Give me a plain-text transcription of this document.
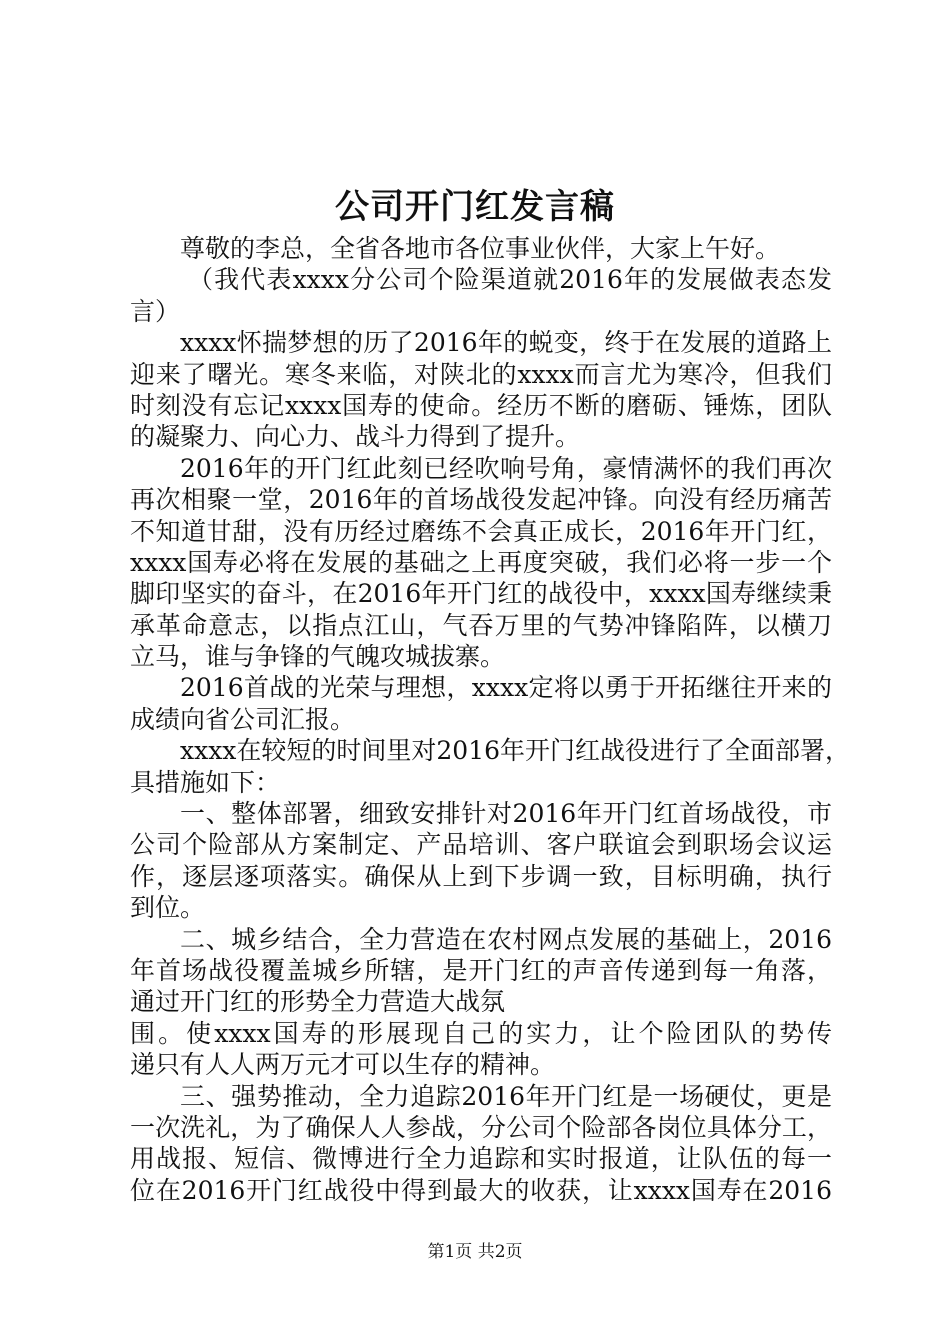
公司开门红发言稿
尊敬的李总，全省各地市各位事业伙伴，大家上午好。
（我代表xxxx分公司个险渠道就2016年的发展做表态发
言）
xxxx怀揣梦想的历了2016年的蜕变，终于在发展的道路上
迎来了曙光。寒冬来临，对陕北的xxxx而言尤为寒冷，但我们
时刻没有忘记xxxx国寿的使命。经历不断的磨砺、锤炼，团队
的凝聚力、向心力、战斗力得到了提升。
2016年的开门红此刻已经吹响号角，豪情满怀的我们再次
再次相聚一堂，2016年的首场战役发起冲锋。向没有经历痛苦
不知道甘甜，没有历经过磨练不会真正成长，2016年开门红，
xxxx国寿必将在发展的基础之上再度突破，我们必将一步一个
脚印坚实的奋斗，在2016年开门红的战役中，xxxx国寿继续秉
承革命意志，以指点江山，气吞万里的气势冲锋陷阵，以横刀
立马，谁与争锋的气魄攻城拔寨。
2016首战的光荣与理想，xxxx定将以勇于开拓继往开来的
成绩向省公司汇报。
xxxx在较短的时间里对2016年开门红战役进行了全面部署，
具措施如下：
一、整体部署，细致安排针对2016年开门红首场战役，市
公司个险部从方案制定、产品培训、客户联谊会到职场会议运
作，逐层逐项落实。确保从上到下步调一致，目标明确，执行
到位。
二、城乡结合，全力营造在农村网点发展的基础上，2016
年首场战役覆盖城乡所辖，是开门红的声音传递到每一角落，
通过开门红的形势全力营造大战氛
围。使xxxx国寿的形展现自己的实力，让个险团队的势传
递只有人人两万元才可以生存的精神。
三、强势推动，全力追踪2016年开门红是一场硬仗，更是
一次洗礼，为了确保人人参战，分公司个险部各岗位具体分工，
用战报、短信、微博进行全力追踪和实时报道，让队伍的每一
位在2016开门红战役中得到最大的收获，让xxxx国寿在2016
第1页 共2页
